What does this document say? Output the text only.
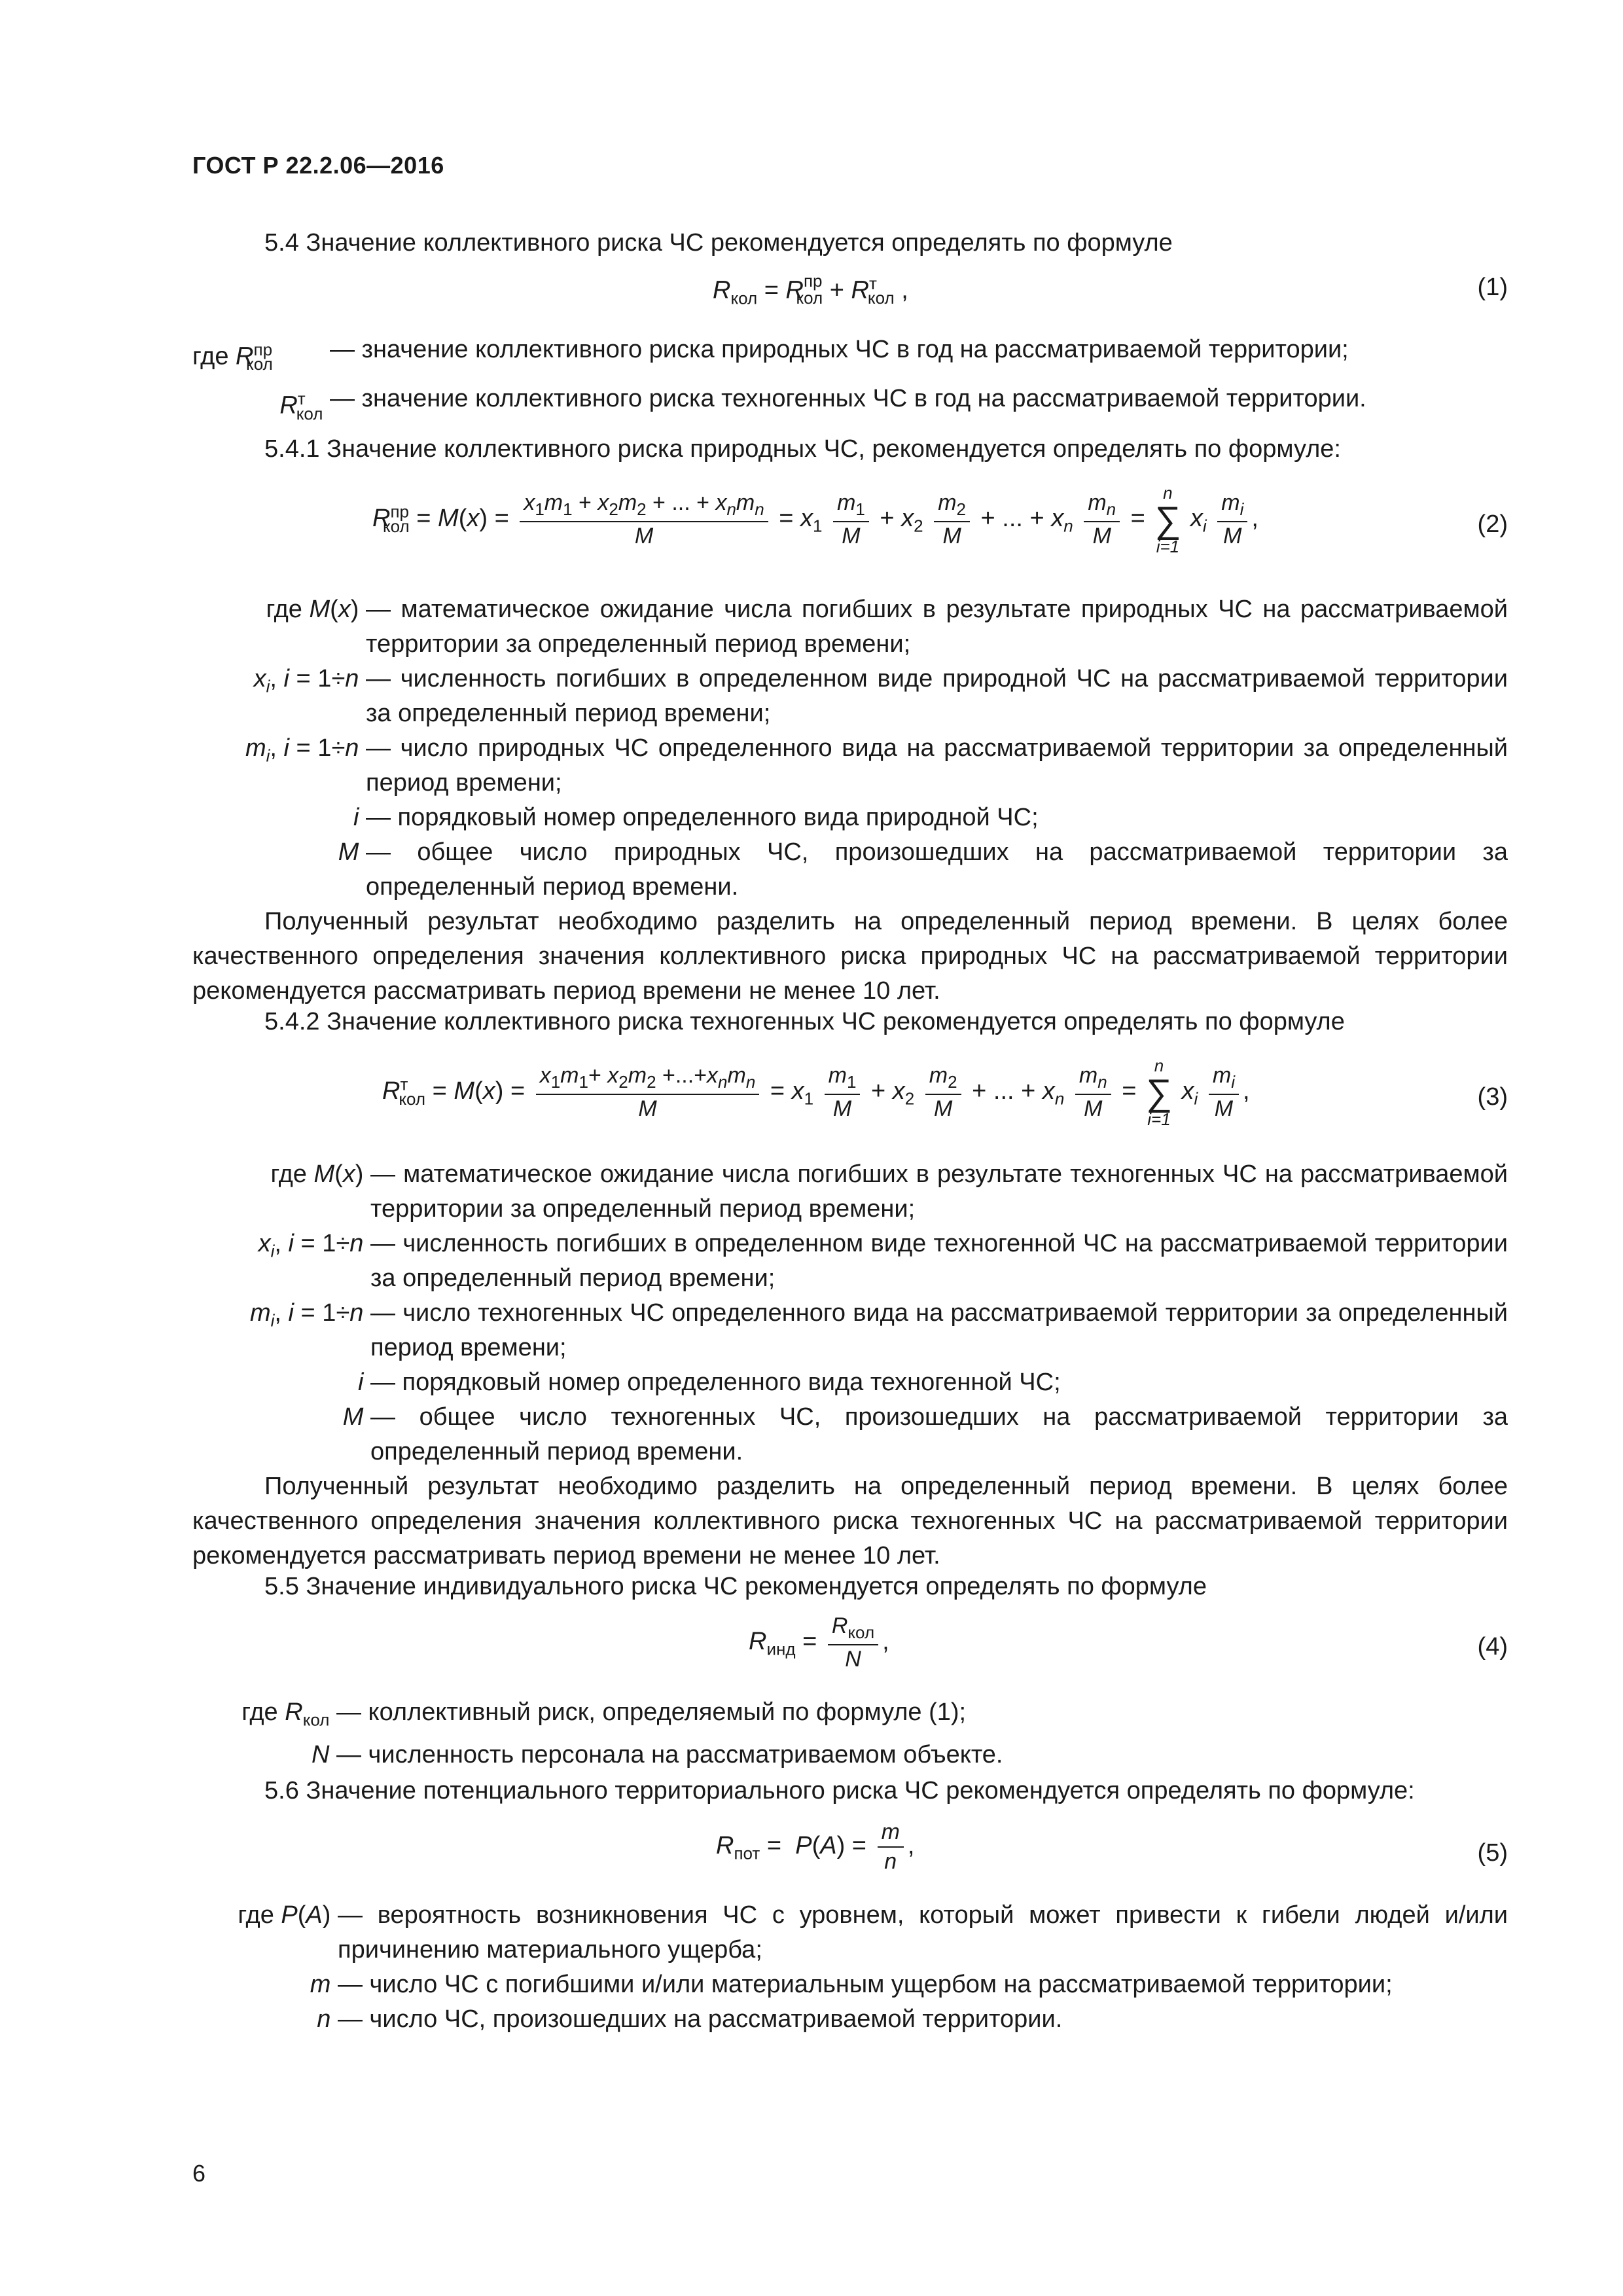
ГОСТ Р 22.2.06—2016
5.4 Значение коллективного риска ЧС рекомендуется определять по формуле
$R_{кол} = R^{пр}_{кол} + R^т_{кол}$ ,	(1)
где $R^{пр}_{кол}$
— значение коллективного риска природных ЧС в год на рассматриваемой территории;
$R^т_{кол}$
— значение коллективного риска техногенных ЧС в год на рассматриваемой территории.
5.4.1 Значение коллективного риска природных ЧС, рекомендуется определять по формуле:
$R^{пр}_{кол} = M(x) = \frac{x_1m_1 + x_2m_2 + ... + x_nm_n}{M} = x_1 \frac{m_1}{M} + x_2 \frac{m_2}{M}$ + ... + $x_n \frac{m_n}{M}$ =
n
∑
i=1
$x_i \frac{m_i}{M}$ ,	(2)
где M(x) — математическое ожидание числа погибших в результате природных ЧС на рассматриваемой территории за определенный период времени;
$x_i$, i = 1÷n — численность погибших в определенном виде природной ЧС на рассматриваемой территории за определенный период времени;
$m_i$, i = 1÷n — число природных ЧС определенного вида на рассматриваемой территории за определенный период времени;
i — порядковый номер определенного вида природной ЧС;
M — общее число природных ЧС, произошедших на рассматриваемой территории за определенный период времени.
Полученный результат необходимо разделить на определенный период времени. В целях более качественного определения значения коллективного риска природных ЧС на рассматриваемой территории рекомендуется рассматривать период времени не менее 10 лет.
5.4.2 Значение коллективного риска техногенных ЧС рекомендуется определять по формуле
$R^т_{кол} = M(x) = \frac{x_1m_1+ x_2m_2 +...+x_nm_n}{M} = x_1 \frac{m_1}{M} + x_2 \frac{m_2}{M}$ + ... + $x_n \frac{m_n}{M}$ =
n
∑
i=1
$x_i \frac{m_i}{M}$ ,	(3)
где M(x) — математическое ожидание числа погибших в результате техногенных ЧС на рассматриваемой территории за определенный период времени;
$x_i$, i = 1÷n — численность погибших в определенном виде техногенной ЧС на рассматриваемой территории за определенный период времени;
$m_i$, i = 1÷n — число техногенных ЧС определенного вида на рассматриваемой территории за определенный период времени;
i — порядковый номер определенного вида техногенной ЧС;
M — общее число техногенных ЧС, произошедших на рассматриваемой территории за определенный период времени.
Полученный результат необходимо разделить на определенный период времени. В целях более качественного определения значения коллективного риска техногенных ЧС на рассматриваемой территории рекомендуется рассматривать период времени не менее 10 лет.
5.5 Значение индивидуального риска ЧС рекомендуется определять по формуле
$R_{инд} = \frac{R_{кол}}{N}$ ,	(4)
где $R_{кол}$ — коллективный риск, определяемый по формуле (1);
N — численность персонала на рассматриваемом объекте.
5.6 Значение потенциального территориального риска ЧС рекомендуется определять по формуле:
$R_{пот} = P(A) = \frac{m}{n}$ ,	(5)
где P(A) — вероятность возникновения ЧС с уровнем, который может привести к гибели людей и/или причинению материального ущерба;
m — число ЧС с погибшими и/или материальным ущербом на рассматриваемой территории;
n — число ЧС, произошедших на рассматриваемой территории.
6
